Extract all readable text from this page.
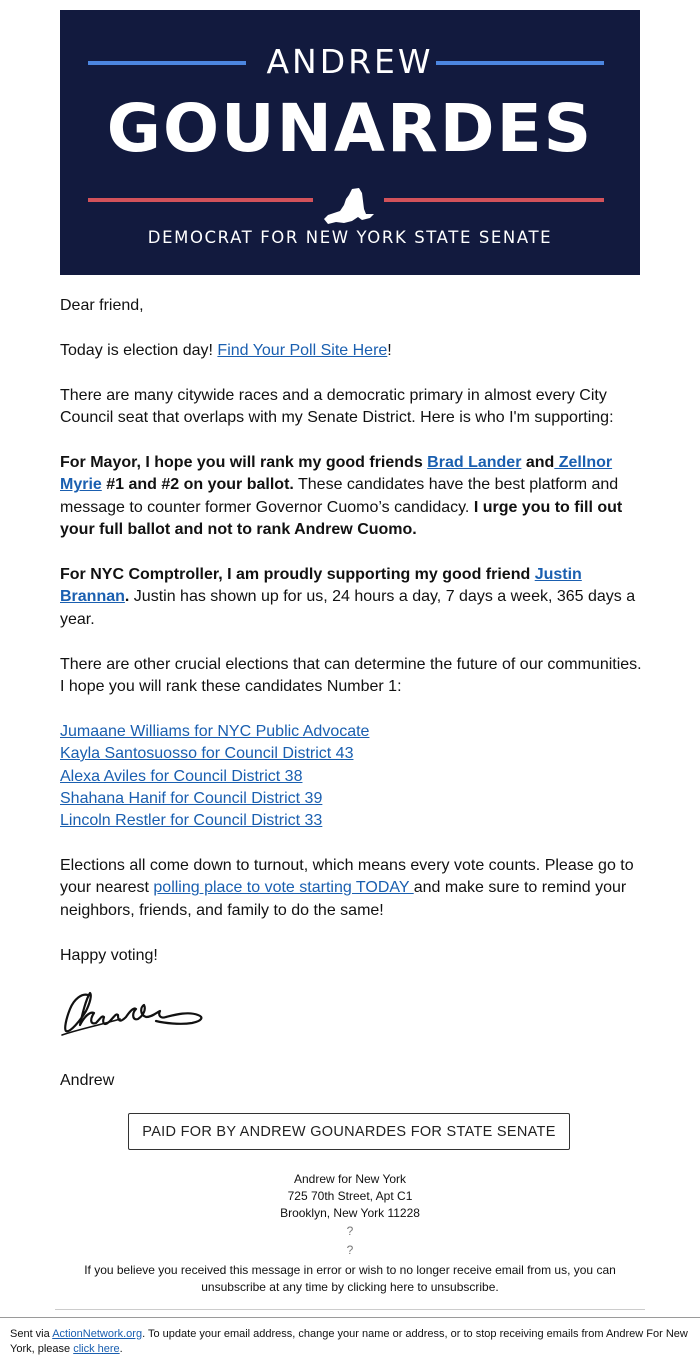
ANDREW
GOUNARDES
DEMOCRAT FOR NEW YORK STATE SENATE

Dear friend,

Today is election day! Find Your Poll Site Here!

There are many citywide races and a democratic primary in almost every City Council seat that overlaps with my Senate District. Here is who I'm supporting:

For Mayor, I hope you will rank my good friends Brad Lander and Zellnor Myrie #1 and #2 on your ballot. These candidates have the best platform and message to counter former Governor Cuomo’s candidacy. I urge you to fill out your full ballot and not to rank Andrew Cuomo.

For NYC Comptroller, I am proudly supporting my good friend Justin Brannan. Justin has shown up for us, 24 hours a day, 7 days a week, 365 days a year.

There are other crucial elections that can determine the future of our communities. I hope you will rank these candidates Number 1:

Jumaane Williams for NYC Public Advocate

Kayla Santosuosso for Council District 43

Alexa Aviles for Council District 38

Shahana Hanif for Council District 39

Lincoln Restler for Council District 33

Elections all come down to turnout, which means every vote counts. Please go to your nearest polling place to vote starting TODAY and make sure to remind your neighbors, friends, and family to do the same!

Happy voting!

Andrew

PAID FOR BY ANDREW GOUNARDES FOR STATE SENATE
Andrew for New York
725 70th Street, Apt C1
Brooklyn, New York 11228
?
?
If you believe you received this message in error or wish to no longer receive email from us, you can unsubscribe at any time by clicking here to unsubscribe.
Sent via ActionNetwork.org. To update your email address, change your name or address, or to stop receiving emails from Andrew For New York, please click here.
